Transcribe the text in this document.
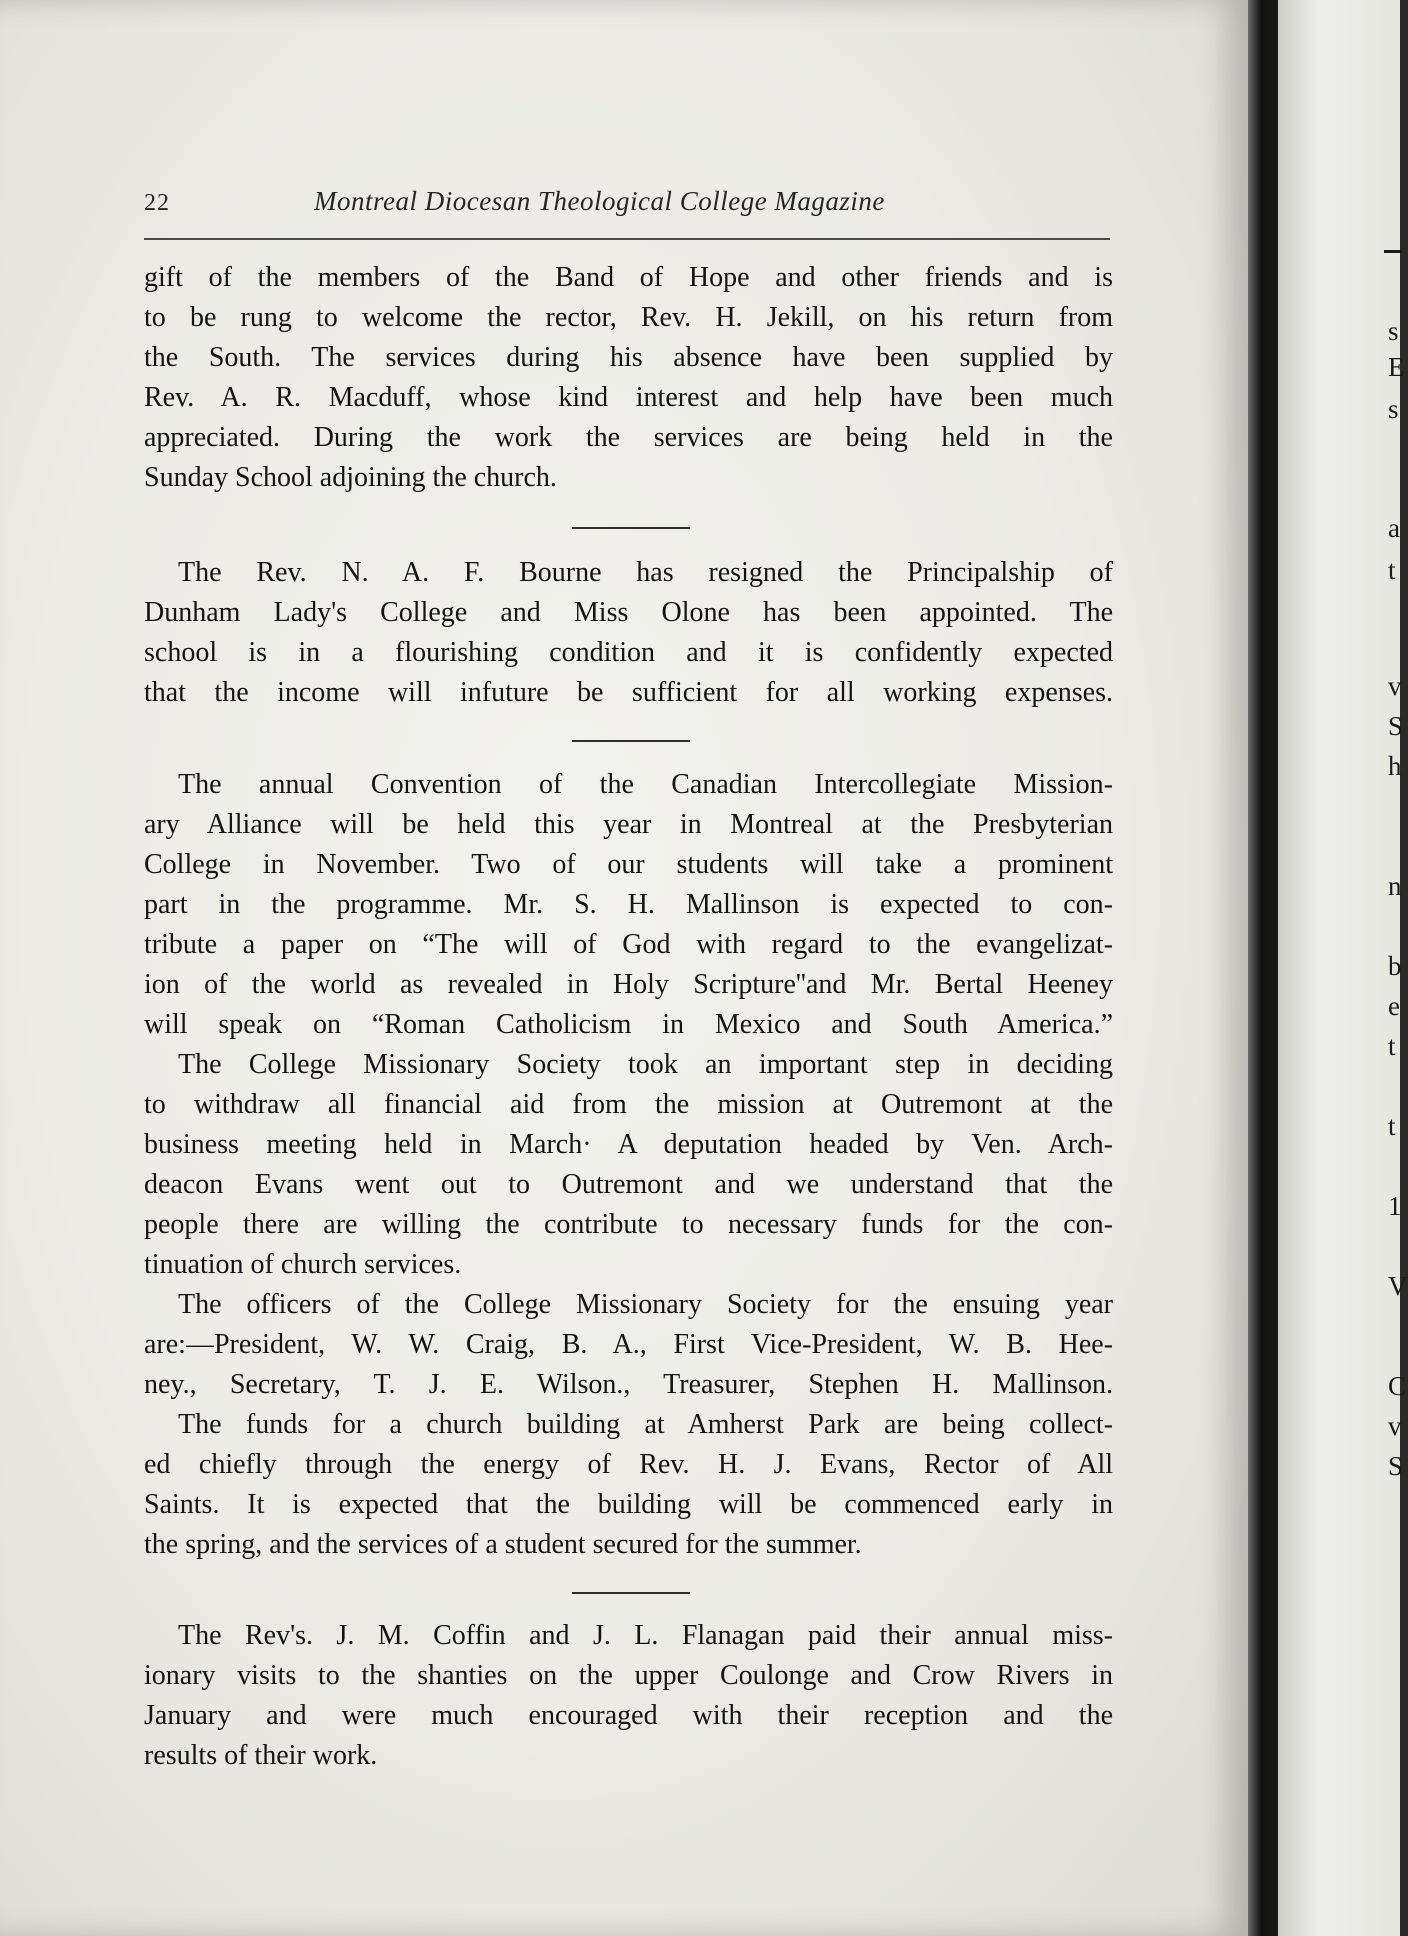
22	Montreal Diocesan Theological College Magazine
gift of the members of the Band of Hope and other friends and is
to be rung to welcome the rector, Rev. H. Jekill, on his return from
the South. The services during his absence have been supplied by
Rev. A. R. Macduff, whose kind interest and help have been much
appreciated. During the work the services are being held in the
Sunday School adjoining the church.
The Rev. N. A. F. Bourne has resigned the Principalship of
Dunham Lady's College and Miss Olone has been appointed. The
school is in a flourishing condition and it is confidently expected
that the income will infuture be sufficient for all working expenses.
The annual Convention of the Canadian Intercollegiate Mission-
ary Alliance will be held this year in Montreal at the Presbyterian
College in November. Two of our students will take a prominent
part in the programme. Mr. S. H. Mallinson is expected to con-
tribute a paper on “The will of God with regard to the evangelizat-
ion of the world as revealed in Holy Scripture''and Mr. Bertal Heeney
will speak on “Roman Catholicism in Mexico and South America.”
The College Missionary Society took an important step in deciding
to withdraw all financial aid from the mission at Outremont at the
business meeting held in March· A deputation headed by Ven. Arch-
deacon Evans went out to Outremont and we understand that the
people there are willing the contribute to necessary funds for the con-
tinuation of church services.
The officers of the College Missionary Society for the ensuing year
are:—President, W. W. Craig, B. A., First Vice-President, W. B. Hee-
ney., Secretary, T. J. E. Wilson., Treasurer, Stephen H. Mallinson.
The funds for a church building at Amherst Park are being collect-
ed chiefly through the energy of Rev. H. J. Evans, Rector of All
Saints. It is expected that the building will be commenced early in
the spring, and the services of a student secured for the summer.
The Rev's. J. M. Coffin and J. L. Flanagan paid their annual miss-
ionary visits to the shanties on the upper Coulonge and Crow Rivers in
January and were much encouraged with their reception and the
results of their work.
s
E
s
a
t
v
S
h
n
b
e
t
t
1
V
C
v
S
